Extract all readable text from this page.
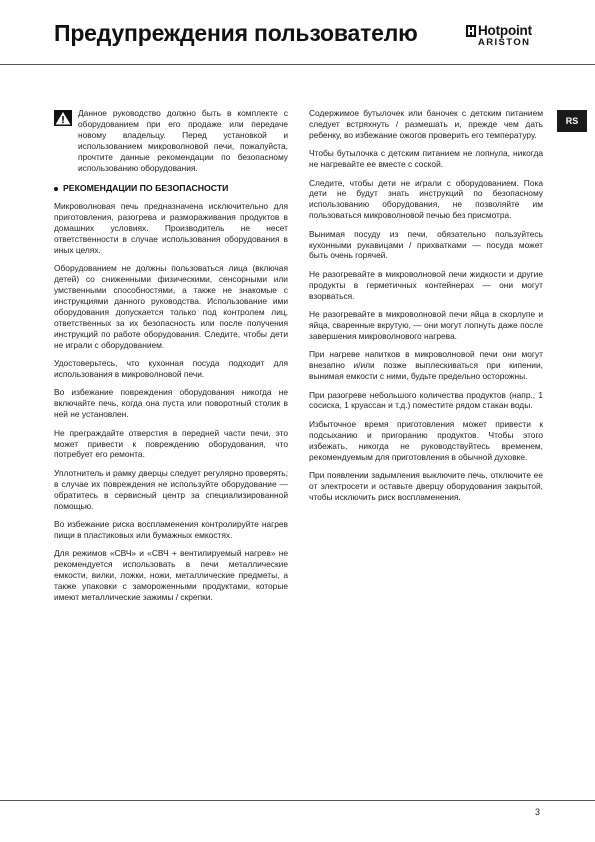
Предупреждения пользователю	Hotpoint
ARISTON
RS

Данное руководство должно быть в комплекте с оборудованием при его продаже или передаче новому владельцу. Перед установкой и использованием микроволновой печи, пожалуйста, прочтите данные рекомендации по безопасному использованию оборудования.

РЕКОМЕНДАЦИИ ПО БЕЗОПАСНОСТИ

Микроволновая печь предназначена исключительно для приготовления, разогрева и размораживания продуктов в домашних условиях. Производитель не несет ответственности в случае использования оборудования в иных целях.

Оборудованием не должны пользоваться лица (включая детей) со сниженными физическими, сенсорными или умственными способностями, а также не знакомые с инструкциями данного руководства. Использование ими оборудования допускается только под контролем лиц, ответственных за их безопасность или после получения инструкций по работе оборудования. Следите, чтобы дети не играли с оборудованием.

Удостоверьтесь, что кухонная посуда подходит для использования в микроволновой печи.

Во избежание повреждения оборудования никогда не включайте печь, когда она пуста или поворотный столик в ней не установлен.

Не преграждайте отверстия в передней части печи, это может привести к повреждению оборудования, что потребует его ремонта.

Уплотнитель и рамку дверцы следует регулярно проверять; в случае их повреждения не используйте оборудование — обратитесь в сервисный центр за специализированной помощью.

Во избежание риска воспламенения контролируйте нагрев пищи в пластиковых или бумажных емкостях.

Для режимов «СВЧ» и «СВЧ + вентилируемый нагрев» не рекомендуется использовать в печи металлические емкости, вилки, ложки, ножи, металлические предметы, а также упаковки с замороженными продуктами, которые имеют металлические зажимы / скрепки.

Содержимое бутылочек или баночек с детским питанием следует встряхнуть / размешать и, прежде чем дать ребенку, во избежание ожогов проверить его температуру.

Чтобы бутылочка с детским питанием не лопнула, никогда не нагревайте ее вместе с соской.

Следите, чтобы дети не играли с оборудованием. Пока дети не будут знать инструкций по безопасному использованию оборудования, не позволяйте им пользоваться микроволновой печью без присмотра.

Вынимая посуду из печи, обязательно пользуйтесь кухонными рукавицами / прихватками — посуда может быть очень горячей.

Не разогревайте в микроволновой печи жидкости и другие продукты в герметичных контейнерах — они могут взорваться.

Не разогревайте в микроволновой печи яйца в скорлупе и яйца, сваренные вкрутую, — они могут лопнуть даже после завершения микроволнового нагрева.

При нагреве напитков в микроволновой печи они могут внезапно и/или позже выплескиваться при кипении, вынимая емкости с ними, будьте предельно осторожны.

При разогреве небольшого количества продуктов (напр., 1 сосиска, 1 круассан и т.д.) поместите рядом стакан воды.

Избыточное время приготовления может привести к подсыханию и пригоранию продуктов. Чтобы этого избежать, никогда не руководствуйтесь временем, рекомендуемым для приготовления в обычной духовке.

При появлении задымления выключите печь, отключите ее от электросети и оставьте дверцу оборудования закрытой, чтобы исключить риск воспламенения.

3
